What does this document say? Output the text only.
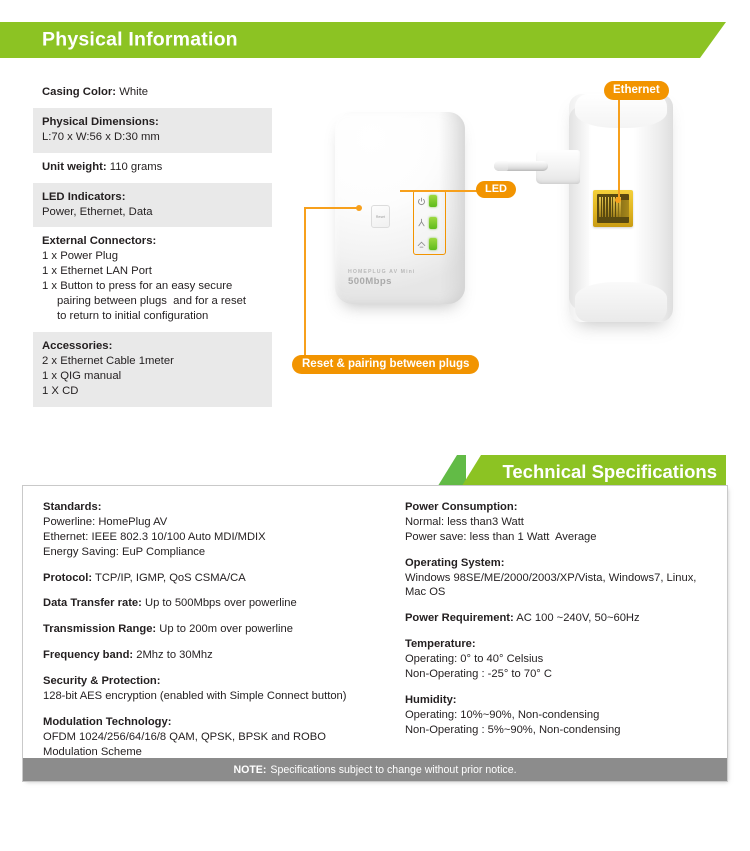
Physical Information
Casing Color: White
Physical Dimensions:
L:70 x W:56 x D:30 mm
Unit weight: 110 grams
LED Indicators:
Power, Ethernet, Data
External Connectors:
1 x Power Plug
1 x Ethernet LAN Port
1 x Button to press for an easy secure
pairing between plugs  and for a reset
to return to initial configuration
Accessories:
2 x Ethernet Cable 1meter
1 x QIG manual
1 X CD
Reset
HOMEPLUG AV Mini
500Mbps
Ethernet
LED
Reset & pairing between plugs
Technical Specifications
Standards:
Powerline: HomePlug AV
Ethernet: IEEE 802.3 10/100 Auto MDI/MDIX
Energy Saving: EuP Compliance
Protocol: TCP/IP, IGMP, QoS CSMA/CA
Data Transfer rate: Up to 500Mbps over powerline
Transmission Range: Up to 200m over powerline
Frequency band: 2Mhz to 30Mhz
Security & Protection:
128-bit AES encryption (enabled with Simple Connect button)
Modulation Technology:
OFDM 1024/256/64/16/8 QAM, QPSK, BPSK and ROBO
Modulation Scheme
Power Consumption:
Normal: less than3 Watt
Power save: less than 1 Watt  Average
Operating System:
Windows 98SE/ME/2000/2003/XP/Vista, Windows7, Linux,
Mac OS
Power Requirement: AC 100 ~240V, 50~60Hz
Temperature:
Operating: 0° to 40° Celsius
Non-Operating : -25° to 70° C
Humidity:
Operating: 10%~90%, Non-condensing
Non-Operating : 5%~90%, Non-condensing
NOTE: Specifications subject to change without prior notice.
